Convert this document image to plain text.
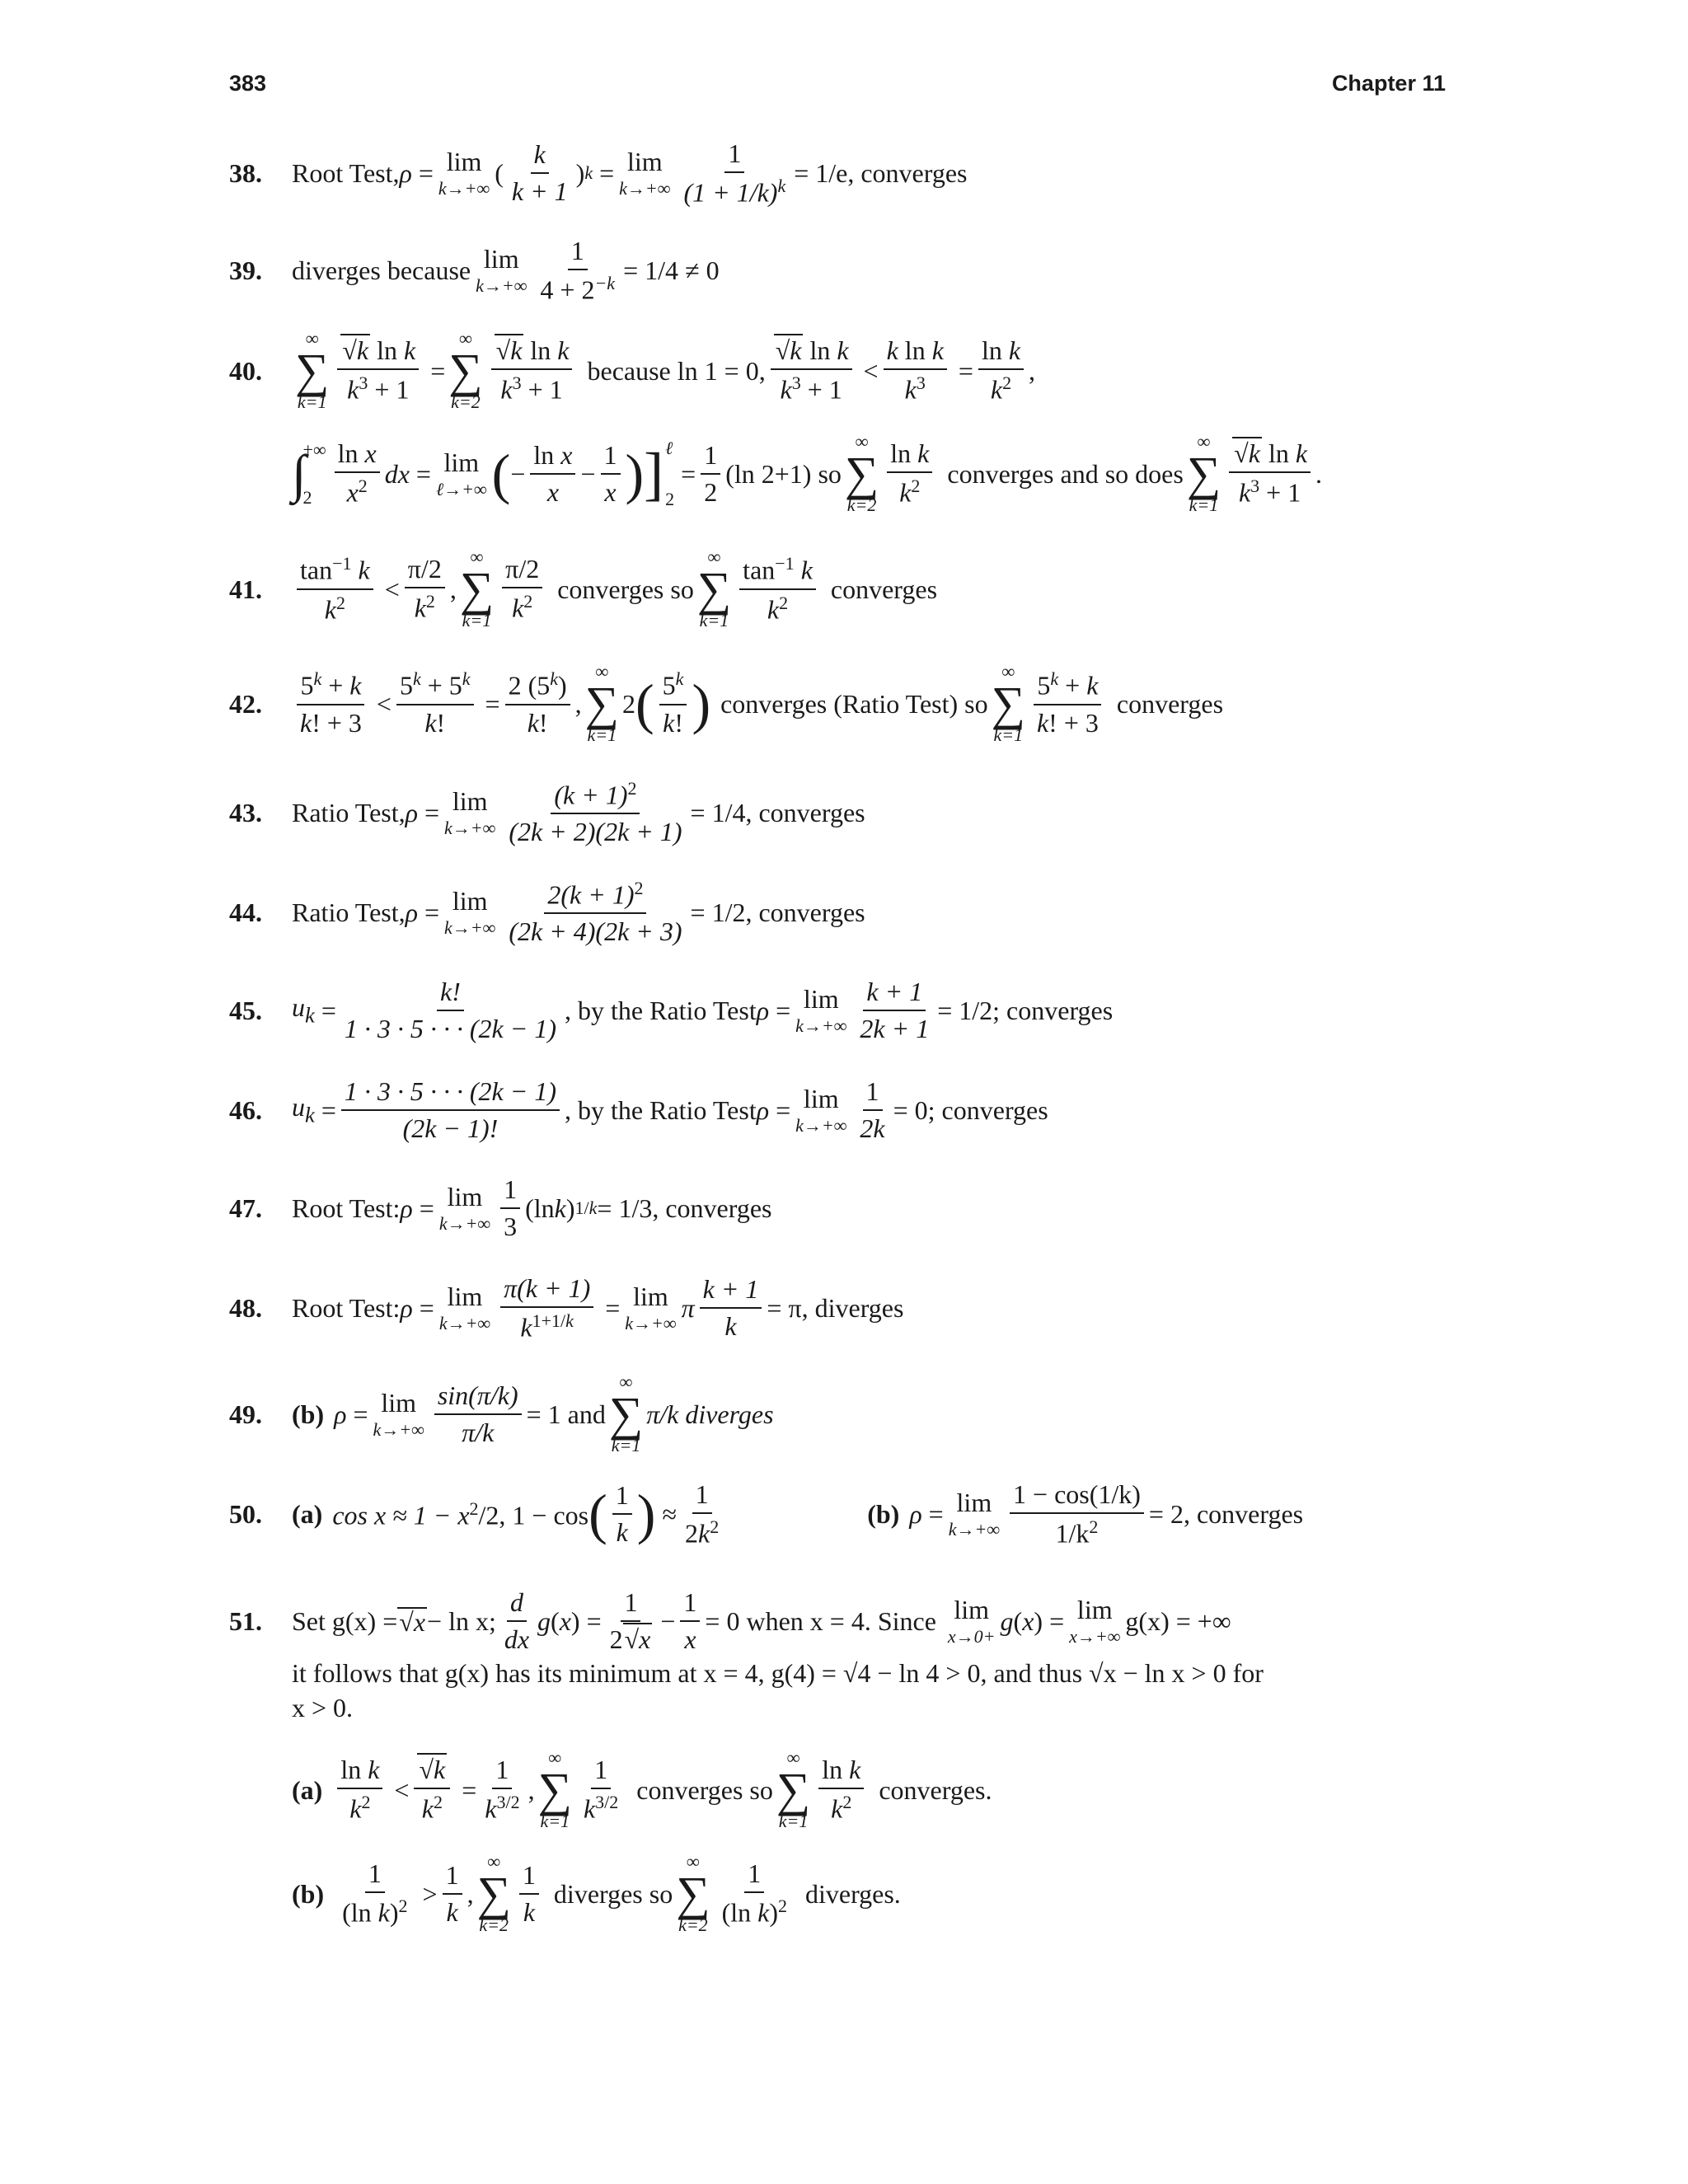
383	Chapter 11
38.	Root Test, ρ = lim
k→+∞
( $\frac{k}{k + 1}$ ) k = lim
$k\to+\infty \frac{1}{(1 + 1/k)^k} = 1/e$, converges
39.	diverges because lim
$k\to+\infty \frac{1}{4 + 2^{-k}} = 1/4 \ne 0$
40.
∞
∑
$k=1 \frac{\text{√k ln k}}{k^3 + 1}$ =
∞
∑
$k=2 \frac{\text{√k ln k}}{k^3 + 1}$ because ln 1 = 0, $\frac{\text{√k ln k}}{k^3 + 1} < \frac{\text{k ln k}}{k^3} = \frac{\text{ln k}}{k^2}$ ,
∫
+∞
$2 \frac{\text{ln x}}{x^2}$ dx = lim
ℓ→+∞ ( − $\frac{\text{ln x}}{x} - \frac{1}{x}$ ) ] ℓ
2
= $\frac{1}{2} (\ln$ 2+1)
so
∞
∑
$k=2 \frac{\text{ln k}}{k^2}$ converges and so does
∞
∑
$k=1 \frac{\text{√k ln k}}{k^3 + 1}$ .
41.	$\frac{\tan^{-1} k}{k^2} < \frac{\pi/2}{k^2}$ ,
∞
∑
$k=1 \frac{\pi/2}{k^2}$ converges so
∞
∑
$k=1 \frac{\tan^{-1} k}{k^2}$ converges
42.	$\frac{5^k + k}{k! + 3} < \frac{5^k + 5^k}{k!} = \frac{2 (5^k)}{k!}$ ,
∞
∑
k=1
2 ( $\frac{5^k}{k!}$ ) converges (Ratio Test) so
∞
∑
$k=1 \frac{5^k + k}{k! + 3}$ converges
43.	Ratio Test, ρ = lim
$k\to+\infty \frac{(k + 1)^2}{(2k + 2)(2k + 1)} = 1/4$, converges
44.	Ratio Test, ρ = lim
$k\to+\infty \frac{2(k + 1)^2}{(2k + 4)(2k + 3)} = 1/2$, converges
45.	$u_k = \frac{k!}{1 \cdot 3 \cdot 5 \cdot \cdot \cdot (2k - 1)}$ , by the Ratio Test ρ = lim
$k\to+\infty \frac{k + 1}{2k + 1} = 1/2$; converges
46.	$u_k = \frac{1 \cdot 3 \cdot 5 \cdot \cdot \cdot (2k - 1)}{(2k - 1)!}$ , by the Ratio Test ρ = lim
$k\to+\infty \frac{1}{2k} = 0$; converges
47.	Root Test: ρ = lim
$k\to+\infty \frac{1}{3} (\ln$ k ) 1/k = 1/3, converges
48.	Root Test: ρ = lim
$k\to+\infty \frac{\pi(k + 1)}{k^{1+1/k}} = \lim$
k→+∞
π $\frac{k + 1}{k} = \pi$, diverges
49.	(b) ρ = lim
$k\to+\infty \frac{\sin(\pi/k)}{\pi/k} = 1$ and
∞
∑
k=1
π/k diverges
50.	(a) $\cos x \approx 1 - x^2/2$, 1 − cos ( $\frac{1}{k}$ ) ≈ $\frac{1}{2k^2}$	(b) ρ = lim
$k\to+\infty \frac{1 - \cos(1/k)}{1/k^2} = 2$, converges
51.	Set g(x) = √x − ln x; $\frac{d}{dx}$ g ( x ) = $\frac{1}{2√x} - \frac{1}{x} = 0$ when x = 4. Since
lim
x→0+
g ( x ) = lim
x→+∞
g(x) = +∞
it follows that g(x) has its minimum at x = 4, g(4) = √4 − ln 4 > 0, and thus √x − ln x > 0 for
x > 0.
$(a) \frac{\text{ln k}}{k^2} < \frac{√k}{k^2} = \frac{1}{k^{3/2}}$ ,
∞
∑
$k=1 \frac{1}{k^{3/2}}$ converges so
∞
∑
$k=1 \frac{\text{ln k}}{k^2}$ converges.
$(b) \frac{1}{(\ln k)^2} > \frac{1}{k}$ ,
∞
∑
$k=2 \frac{1}{k}$ diverges so
∞
∑
$k=2 \frac{1}{(\ln k)^2}$ diverges.
